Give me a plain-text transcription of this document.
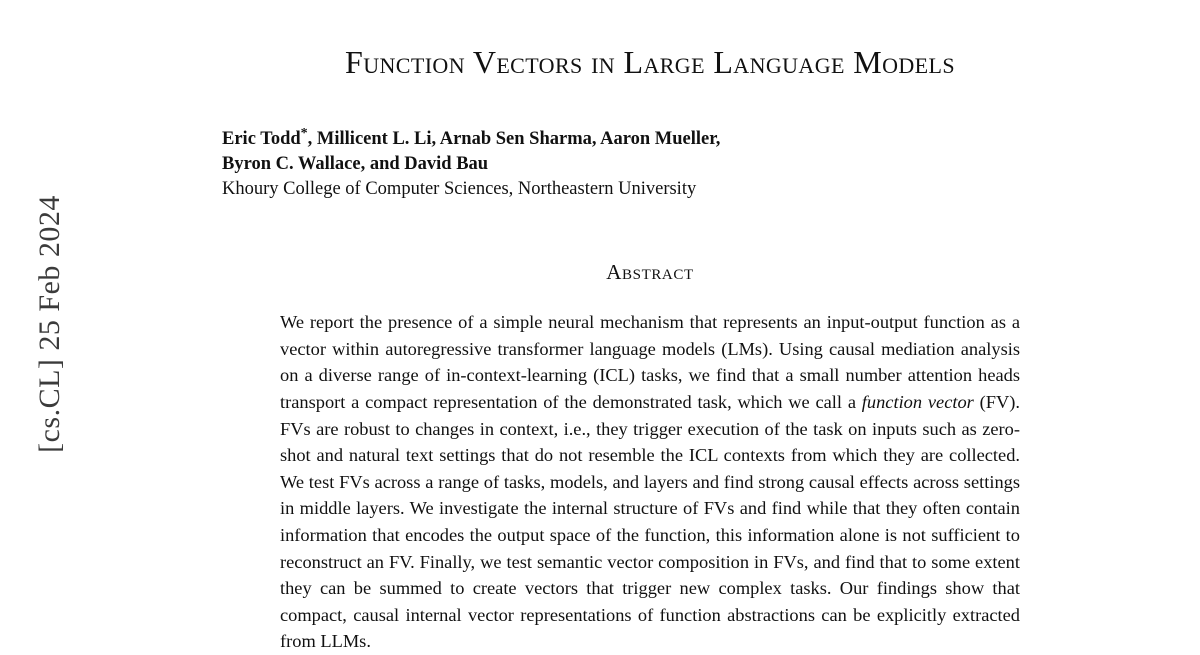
[cs.CL] 25 Feb 2024
Function Vectors in Large Language Models
Eric Todd*, Millicent L. Li, Arnab Sen Sharma, Aaron Mueller,
Byron C. Wallace, and David Bau
Khoury College of Computer Sciences, Northeastern University
Abstract

We report the presence of a simple neural mechanism that represents an input-output function as a vector within autoregressive transformer language models (LMs). Using causal mediation analysis on a diverse range of in-context-learning (ICL) tasks, we find that a small number attention heads transport a compact representation of the demonstrated task, which we call a function vector (FV). FVs are robust to changes in context, i.e., they trigger execution of the task on inputs such as zero-shot and natural text settings that do not resemble the ICL contexts from which they are collected. We test FVs across a range of tasks, models, and layers and find strong causal effects across settings in middle layers. We investigate the internal structure of FVs and find while that they often contain information that encodes the output space of the function, this information alone is not sufficient to reconstruct an FV. Finally, we test semantic vector composition in FVs, and find that to some extent they can be summed to create vectors that trigger new complex tasks. Our findings show that compact, causal internal vector representations of function abstractions can be explicitly extracted from LLMs.
